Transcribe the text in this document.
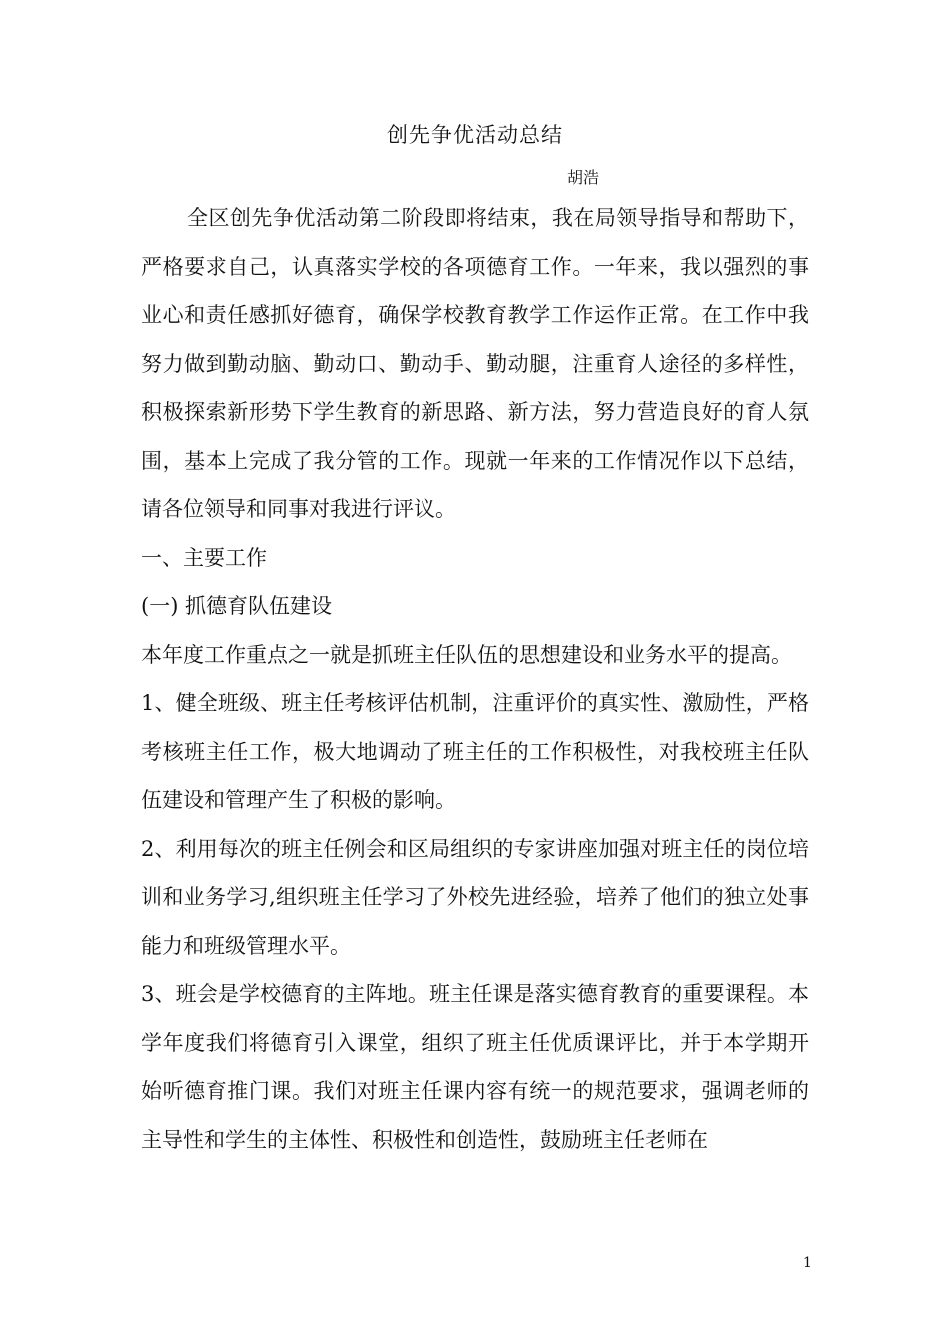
创先争优活动总结
胡浩

全区创先争优活动第二阶段即将结束，我在局领导指导和帮助下，严格要求自己，认真落实学校的各项德育工作。一年来，我以强烈的事业心和责任感抓好德育，确保学校教育教学工作运作正常。在工作中我努力做到勤动脑、勤动口、勤动手、勤动腿，注重育人途径的多样性，积极探索新形势下学生教育的新思路、新方法，努力营造良好的育人氛围，基本上完成了我分管的工作。现就一年来的工作情况作以下总结，请各位领导和同事对我进行评议。

一、主要工作

(一) 抓德育队伍建设

本年度工作重点之一就是抓班主任队伍的思想建设和业务水平的提高。

1、健全班级、班主任考核评估机制，注重评价的真实性、激励性，严格考核班主任工作，极大地调动了班主任的工作积极性，对我校班主任队伍建设和管理产生了积极的影响。

2、利用每次的班主任例会和区局组织的专家讲座加强对班主任的岗位培训和业务学习,组织班主任学习了外校先进经验，培养了他们的独立处事能力和班级管理水平。

3、班会是学校德育的主阵地。班主任课是落实德育教育的重要课程。本学年度我们将德育引入课堂，组织了班主任优质课评比，并于本学期开始听德育推门课。我们对班主任课内容有统一的规范要求，强调老师的主导性和学生的主体性、积极性和创造性，鼓励班主任老师在

1
